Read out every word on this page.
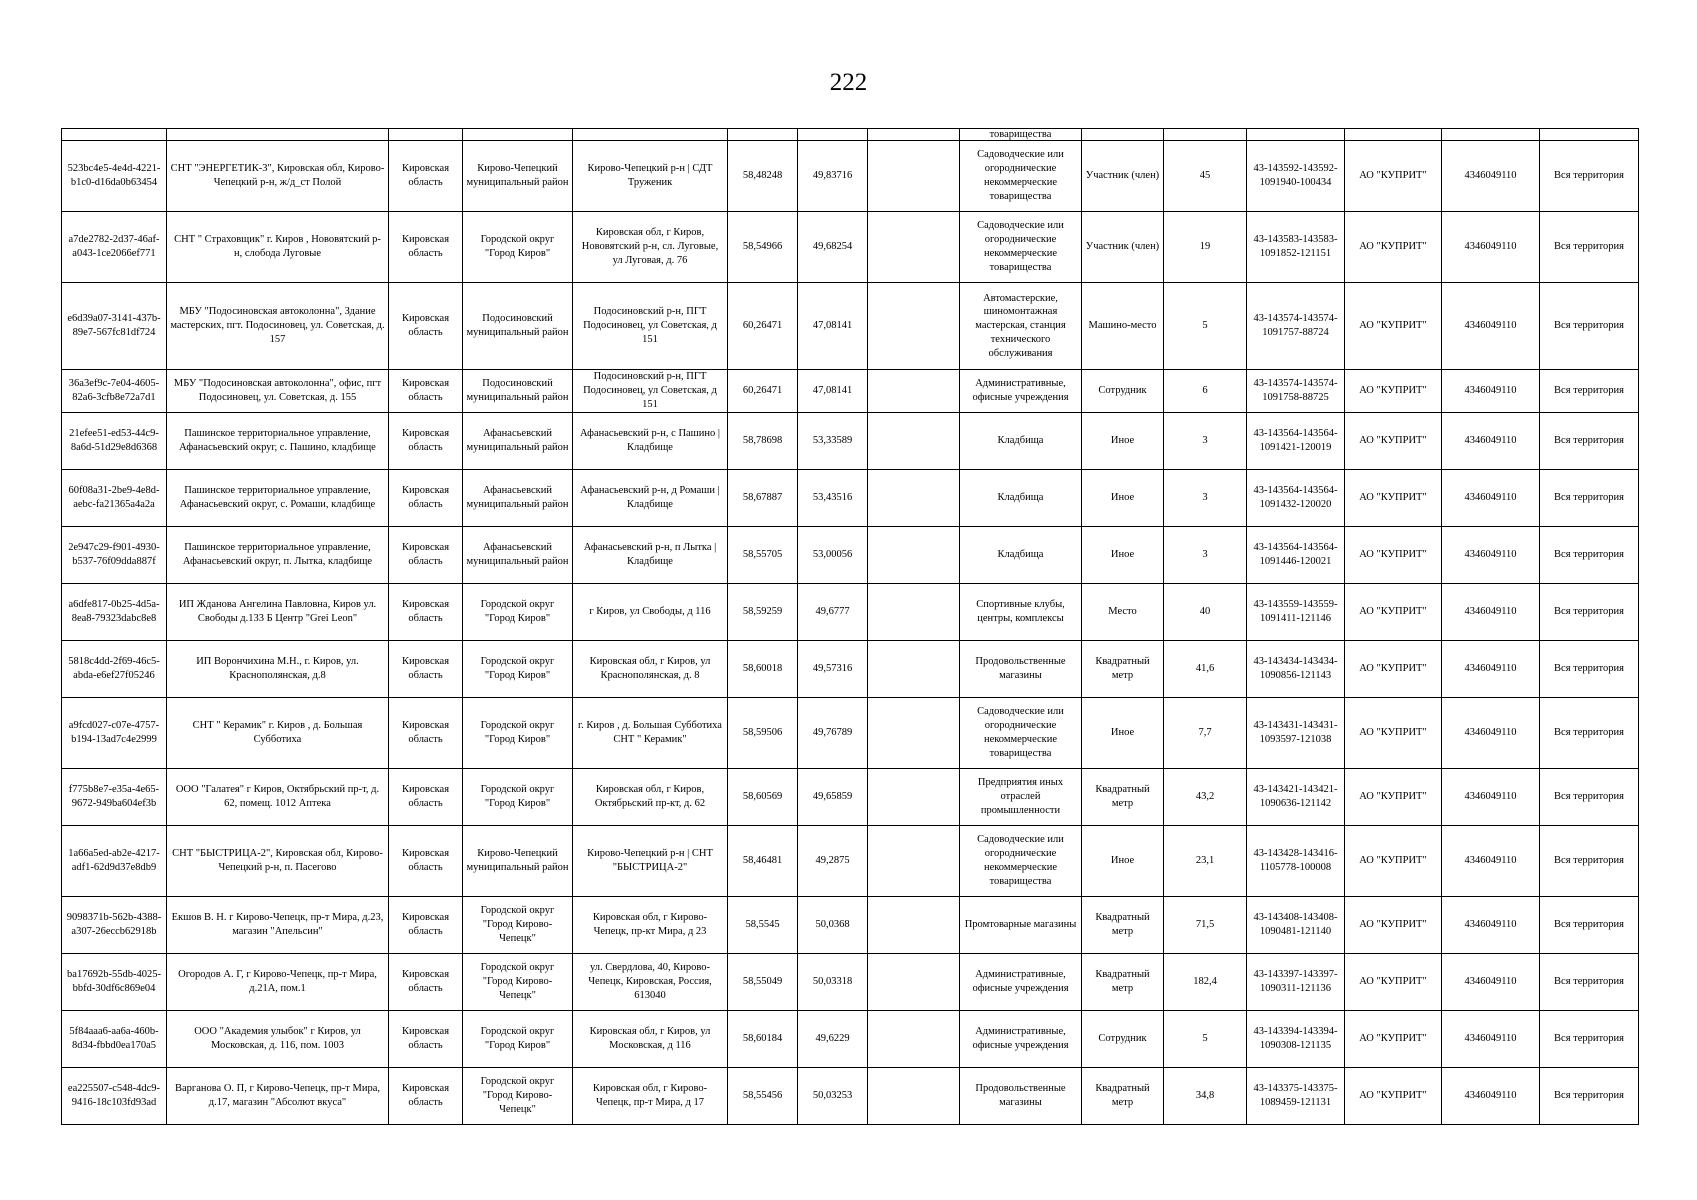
222
								товарищества						
523bc4e5-4e4d-4221-b1c0-d16da0b63454	СНТ "ЭНЕРГЕТИК-3", Кировская обл, Кирово-Чепецкий р-н, ж/д_ст Полой	Кировская область	Кирово-Чепецкий муниципальный район	Кирово-Чепецкий р-н | СДТ Труженик	58,48248	49,83716		Садоводческие или огороднические некоммерческие товарищества	Участник (член)	45	43-143592-143592-1091940-100434	АО "КУПРИТ"	4346049110	Вся территория
a7de2782-2d37-46af-a043-1ce2066ef771	СНТ " Страховщик" г. Киров , Нововятский р-н, слобода Луговые	Кировская область	Городской округ "Город Киров"	Кировская обл, г Киров, Нововятский р-н, сл. Луговые, ул Луговая, д. 76	58,54966	49,68254		Садоводческие или огороднические некоммерческие товарищества	Участник (член)	19	43-143583-143583-1091852-121151	АО "КУПРИТ"	4346049110	Вся территория
e6d39a07-3141-437b-89e7-567fc81df724	МБУ "Подосиновская автоколонна", Здание мастерских, пгт. Подосиновец, ул. Советская, д. 157	Кировская область	Подосиновский муниципальный район	Подосиновский р-н, ПГТ Подосиновец, ул Советская, д 151	60,26471	47,08141		Автомастерские, шиномонтажная мастерская, станция технического обслуживания	Машино-место	5	43-143574-143574-1091757-88724	АО "КУПРИТ"	4346049110	Вся территория
36a3ef9c-7e04-4605-82a6-3cfb8e72a7d1	МБУ "Подосиновская автоколонна", офис, пгт Подосиновец, ул. Советская, д. 155	Кировская область	Подосиновский муниципальный район	Подосиновский р-н, ПГТ Подосиновец, ул Советская, д 151	60,26471	47,08141		Административные, офисные учреждения	Сотрудник	6	43-143574-143574-1091758-88725	АО "КУПРИТ"	4346049110	Вся территория
21efee51-ed53-44c9-8a6d-51d29e8d6368	Пашинское территориальное управление, Афанасьевский округ, с. Пашино, кладбище	Кировская область	Афанасьевский муниципальный район	Афанасьевский р-н, с Пашино | Кладбище	58,78698	53,33589		Кладбища	Иное	3	43-143564-143564-1091421-120019	АО "КУПРИТ"	4346049110	Вся территория
60f08a31-2be9-4e8d-aebc-fa21365a4a2a	Пашинское территориальное управление, Афанасьевский округ, с. Ромаши, кладбище	Кировская область	Афанасьевский муниципальный район	Афанасьевский р-н, д Ромаши | Кладбище	58,67887	53,43516		Кладбища	Иное	3	43-143564-143564-1091432-120020	АО "КУПРИТ"	4346049110	Вся территория
2e947c29-f901-4930-b537-76f09dda887f	Пашинское территориальное управление, Афанасьевский округ, п. Лытка, кладбище	Кировская область	Афанасьевский муниципальный район	Афанасьевский р-н, п Лытка | Кладбище	58,55705	53,00056		Кладбища	Иное	3	43-143564-143564-1091446-120021	АО "КУПРИТ"	4346049110	Вся территория
a6dfe817-0b25-4d5a-8ea8-79323dabc8e8	ИП Жданова Ангелина Павловна, Киров ул. Свободы д.133 Б Центр "Grei Leon"	Кировская область	Городской округ "Город Киров"	г Киров, ул Свободы, д 116	58,59259	49,6777		Спортивные клубы, центры, комплексы	Место	40	43-143559-143559-1091411-121146	АО "КУПРИТ"	4346049110	Вся территория
5818c4dd-2f69-46c5-abda-e6ef27f05246	ИП Ворончихина М.Н., г. Киров, ул. Краснополянская, д.8	Кировская область	Городской округ "Город Киров"	Кировская обл, г Киров, ул Краснополянская, д. 8	58,60018	49,57316		Продовольственные магазины	Квадратный метр	41,6	43-143434-143434-1090856-121143	АО "КУПРИТ"	4346049110	Вся территория
a9fcd027-c07e-4757-b194-13ad7c4e2999	СНТ " Керамик" г. Киров , д. Большая Субботиха	Кировская область	Городской округ "Город Киров"	г. Киров , д. Большая Субботиха СНТ " Керамик"	58,59506	49,76789		Садоводческие или огороднические некоммерческие товарищества	Иное	7,7	43-143431-143431-1093597-121038	АО "КУПРИТ"	4346049110	Вся территория
f775b8e7-e35a-4e65-9672-949ba604ef3b	ООО "Галатея" г Киров, Октябрьский пр-т, д. 62, помещ. 1012 Аптека	Кировская область	Городской округ "Город Киров"	Кировская обл, г Киров, Октябрьский пр-кт, д. 62	58,60569	49,65859		Предприятия иных отраслей промышленности	Квадратный метр	43,2	43-143421-143421-1090636-121142	АО "КУПРИТ"	4346049110	Вся территория
1a66a5ed-ab2e-4217-adf1-62d9d37e8db9	СНТ "БЫСТРИЦА-2", Кировская обл, Кирово-Чепецкий р-н, п. Пасегово	Кировская область	Кирово-Чепецкий муниципальный район	Кирово-Чепецкий р-н | СНТ "БЫСТРИЦА-2"	58,46481	49,2875		Садоводческие или огороднические некоммерческие товарищества	Иное	23,1	43-143428-143416-1105778-100008	АО "КУПРИТ"	4346049110	Вся территория
9098371b-562b-4388-a307-26eccb62918b	Екшов В. Н. г Кирово-Чепецк, пр-т Мира, д.23, магазин "Апельсин"	Кировская область	Городской округ "Город Кирово-Чепецк"	Кировская обл, г Кирово-Чепецк, пр-кт Мира, д 23	58,5545	50,0368		Промтоварные магазины	Квадратный метр	71,5	43-143408-143408-1090481-121140	АО "КУПРИТ"	4346049110	Вся территория
ba17692b-55db-4025-bbfd-30df6c869e04	Огородов А. Г, г Кирово-Чепецк, пр-т Мира, д.21А, пом.1	Кировская область	Городской округ "Город Кирово-Чепецк"	ул. Свердлова, 40, Кирово-Чепецк, Кировская, Россия, 613040	58,55049	50,03318		Административные, офисные учреждения	Квадратный метр	182,4	43-143397-143397-1090311-121136	АО "КУПРИТ"	4346049110	Вся территория
5f84aaa6-aa6a-460b-8d34-fbbd0ea170a5	ООО "Академия улыбок" г Киров, ул Московская, д. 116, пом. 1003	Кировская область	Городской округ "Город Киров"	Кировская обл, г Киров, ул Московская, д 116	58,60184	49,6229		Административные, офисные учреждения	Сотрудник	5	43-143394-143394-1090308-121135	АО "КУПРИТ"	4346049110	Вся территория
ea225507-c548-4dc9-9416-18c103fd93ad	Варганова О. П, г Кирово-Чепецк, пр-т Мира, д.17, магазин "Абсолют вкуса"	Кировская область	Городской округ "Город Кирово-Чепецк"	Кировская обл, г Кирово-Чепецк, пр-т Мира, д 17	58,55456	50,03253		Продовольственные магазины	Квадратный метр	34,8	43-143375-143375-1089459-121131	АО "КУПРИТ"	4346049110	Вся территория
